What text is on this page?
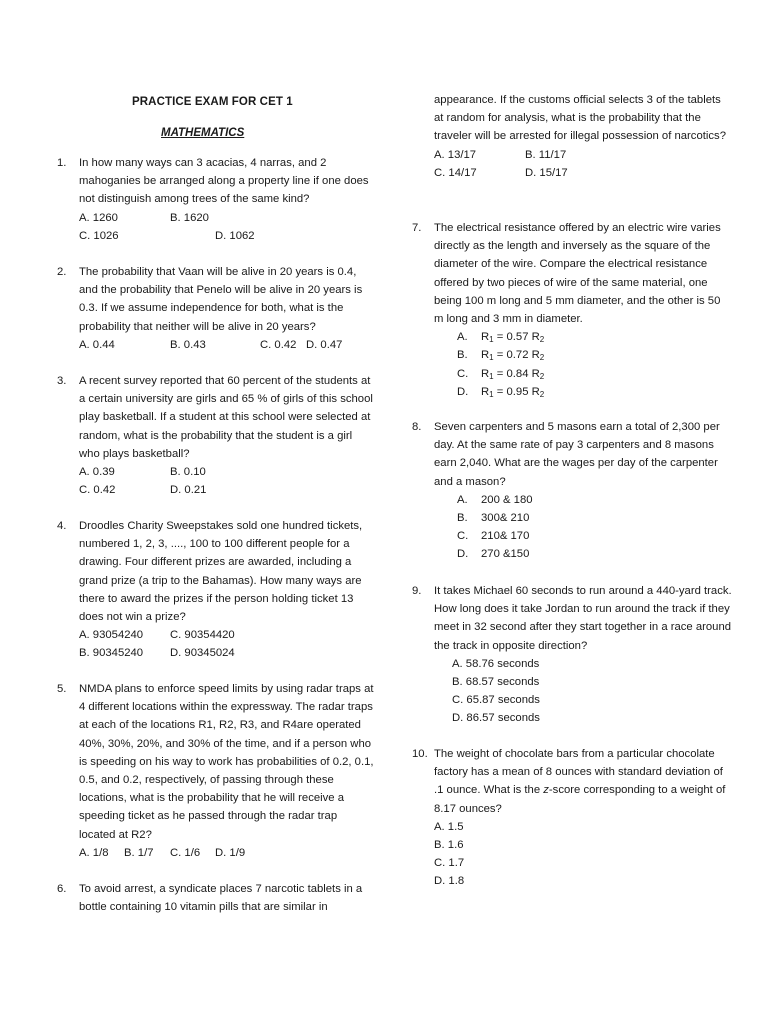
PRACTICE EXAM FOR CET 1
MATHEMATICS
1. In how many ways can 3 acacias, 4 narras, and 2 mahoganies be arranged along a property line if one does not distinguish among trees of the same kind?
A. 1260	B. 1620
C. 1026	D. 1062
2. The probability that Vaan will be alive in 20 years is 0.4, and the probability that Penelo will be alive in 20 years is 0.3. If we assume independence for both, what is the probability that neither will be alive in 20 years?
A. 0.44	B. 0.43	C. 0.42 D. 0.47
3. A recent survey reported that 60 percent of the students at a certain university are girls and 65 % of girls of this school play basketball. If a student at this school were selected at random, what is the probability that the student is a girl who plays basketball?
A. 0.39	B. 0.10
C. 0.42	D. 0.21
4. Droodles Charity Sweepstakes sold one hundred tickets, numbered 1, 2, 3, ...., 100 to 100 different people for a drawing. Four different prizes are awarded, including a grand prize (a trip to the Bahamas). How many ways are there to award the prizes if the person holding ticket 13 does not win a prize?
A. 93054240 C. 90354420
B. 90345240 D. 90345024
5. NMDA plans to enforce speed limits by using radar traps at 4 different locations within the expressway. The radar traps at each of the locations R1, R2, R3, and R4are operated 40%, 30%, 20%, and 30% of the time, and if a person who is speeding on his way to work has probabilities of 0.2, 0.1, 0.5, and 0.2, respectively, of passing through these locations, what is the probability that he will receive a speeding ticket as he passed through the radar trap located at R2?
A. 1/8 B. 1/7 C. 1/6 D. 1/9
6. To avoid arrest, a syndicate places 7 narcotic tablets in a bottle containing 10 vitamin pills that are similar in
appearance. If the customs official selects 3 of the tablets at random for analysis, what is the probability that the traveler will be arrested for illegal possession of narcotics?
A. 13/17	B. 11/17
C. 14/17	D. 15/17
7. The electrical resistance offered by an electric wire varies directly as the length and inversely as the square of the diameter of the wire. Compare the electrical resistance offered by two pieces of wire of the same material, one being 100 m long and 5 mm diameter, and the other is 50 m long and 3 mm in diameter.
A. $R_1 = 0.57$ $R_2$
B. $R_1 = 0.72$ $R_2$
C. $R_1 = 0.84$ $R_2$
D. $R_1 = 0.95$ $R_2$
8. Seven carpenters and 5 masons earn a total of 2,300 per day. At the same rate of pay 3 carpenters and 8 masons earn 2,040. What are the wages per day of the carpenter and a mason?
A. 200 & 180
B. 300& 210
C. 210& 170
D. 270 &150
9. It takes Michael 60 seconds to run around a 440-yard track. How long does it take Jordan to run around the track if they meet in 32 second after they start together in a race around the track in opposite direction?
A. 58.76 seconds
B. 68.57 seconds
C. 65.87 seconds
D. 86.57 seconds
10. The weight of chocolate bars from a particular chocolate factory has a mean of 8 ounces with standard deviation of .1 ounce. What is the z-score corresponding to a weight of 8.17 ounces?
A. 1.5
B. 1.6
C. 1.7
D. 1.8
